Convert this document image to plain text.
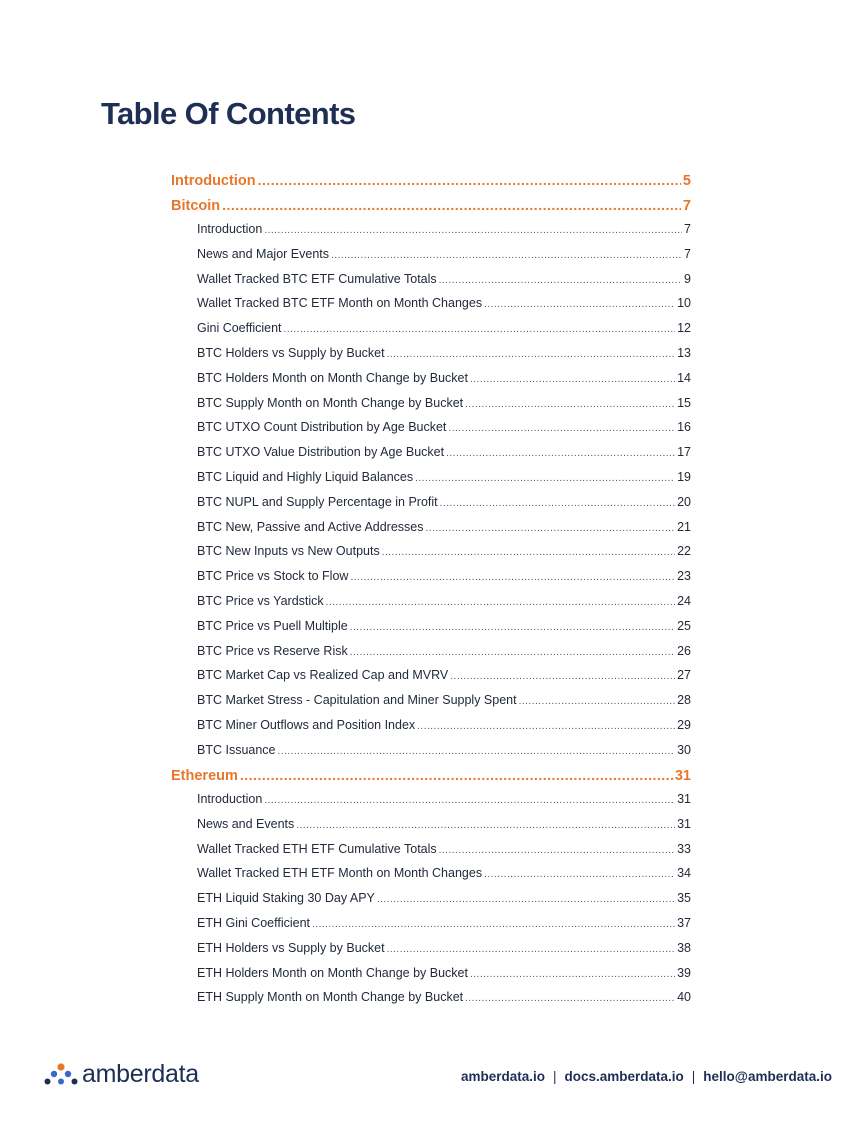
Table Of Contents
Introduction .....	5
Bitcoin .....	7
Introduction .....	7
News and Major Events .....	7
Wallet Tracked BTC ETF Cumulative Totals .....	9
Wallet Tracked BTC ETF Month on Month Changes .....	10
Gini Coefficient .....	12
BTC Holders vs Supply by Bucket .....	13
BTC Holders Month on Month Change by Bucket .....	14
BTC Supply Month on Month Change by Bucket .....	15
BTC UTXO Count Distribution by Age Bucket .....	16
BTC UTXO Value Distribution by Age Bucket .....	17
BTC Liquid and Highly Liquid Balances .....	19
BTC NUPL and Supply Percentage in Profit .....	20
BTC New, Passive and Active Addresses .....	21
BTC New Inputs vs New Outputs .....	22
BTC Price vs Stock to Flow .....	23
BTC Price vs Yardstick .....	24
BTC Price vs Puell Multiple .....	25
BTC Price vs Reserve Risk .....	26
BTC Market Cap vs Realized Cap and MVRV .....	27
BTC Market Stress - Capitulation and Miner Supply Spent .....	28
BTC Miner Outflows and Position Index .....	29
BTC Issuance .....	30
Ethereum .....	31
Introduction .....	31
News and Events .....	31
Wallet Tracked ETH ETF Cumulative Totals .....	33
Wallet Tracked ETH ETF Month on Month Changes .....	34
ETH Liquid Staking 30 Day APY .....	35
ETH Gini Coefficient .....	37
ETH Holders vs Supply by Bucket .....	38
ETH Holders Month on Month Change by Bucket .....	39
ETH Supply Month on Month Change by Bucket .....	40
amberdata	amberdata.io | docs.amberdata.io | hello@amberdata.io
